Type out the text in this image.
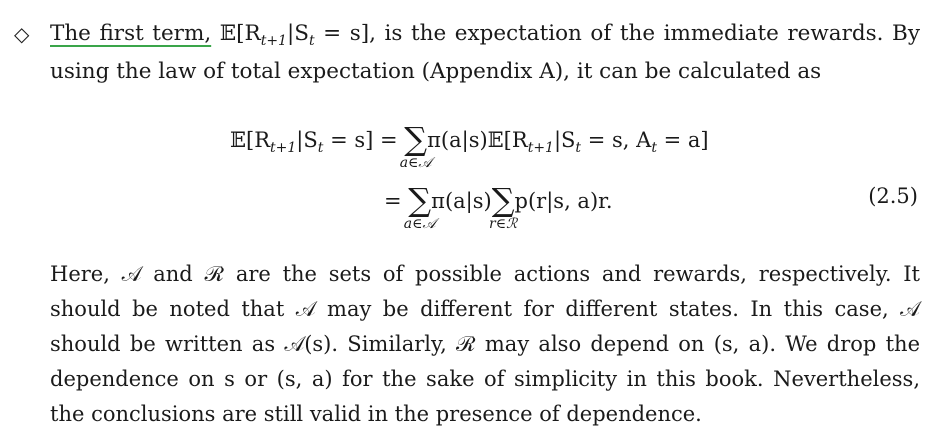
◇ The first term, $𝔼[R_{t+1}|S_t = s]$, is the expectation of the immediate rewards. By using the law of total expectation (Appendix A), it can be calculated as
$𝔼[R_{t+1}|S_t = s]$ = ∑
a∈𝒜
$\pi(a|s)𝔼[R_{t+1}|S_t = s$, $A_t = a$]
= ∑
a∈𝒜
π(a|s)∑
r∈ℛ
p(r|s, a)r.	(2.5)
Here, 𝒜 and ℛ are the sets of possible actions and rewards, respectively. It should be noted that 𝒜 may be different for different states. In this case, 𝒜 should be written as 𝒜(s). Similarly, ℛ may also depend on (s, a). We drop the dependence on s or (s, a) for the sake of simplicity in this book. Nevertheless, the conclusions are still valid in the presence of dependence.
